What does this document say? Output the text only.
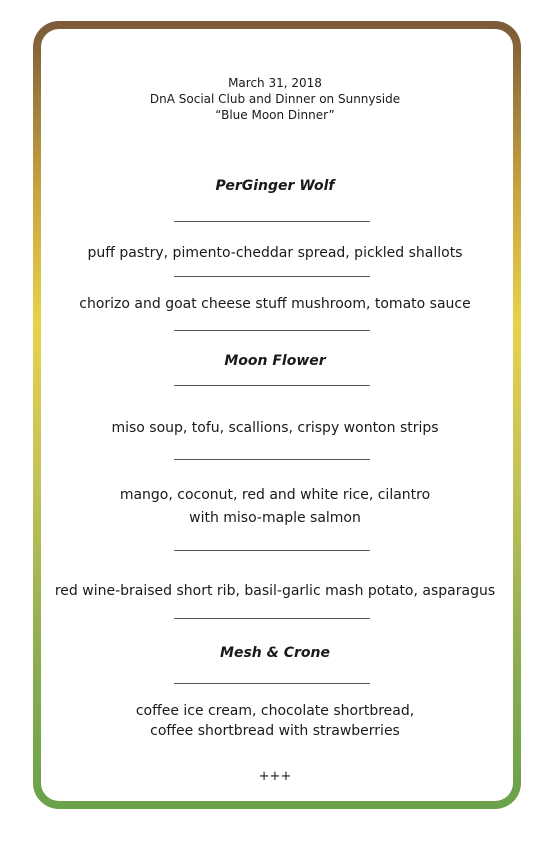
March 31, 2018
DnA Social Club and Dinner on Sunnyside
“Blue Moon Dinner”
PerGinger Wolf
puff pastry, pimento-cheddar spread, pickled shallots
chorizo and goat cheese stuff mushroom, tomato sauce
Moon Flower
miso soup, tofu, scallions, crispy wonton strips
mango, coconut, red and white rice, cilantro
with miso-maple salmon
red wine-braised short rib, basil-garlic mash potato, asparagus
Mesh & Crone
coffee ice cream, chocolate shortbread,
coffee shortbread with strawberries
+++
